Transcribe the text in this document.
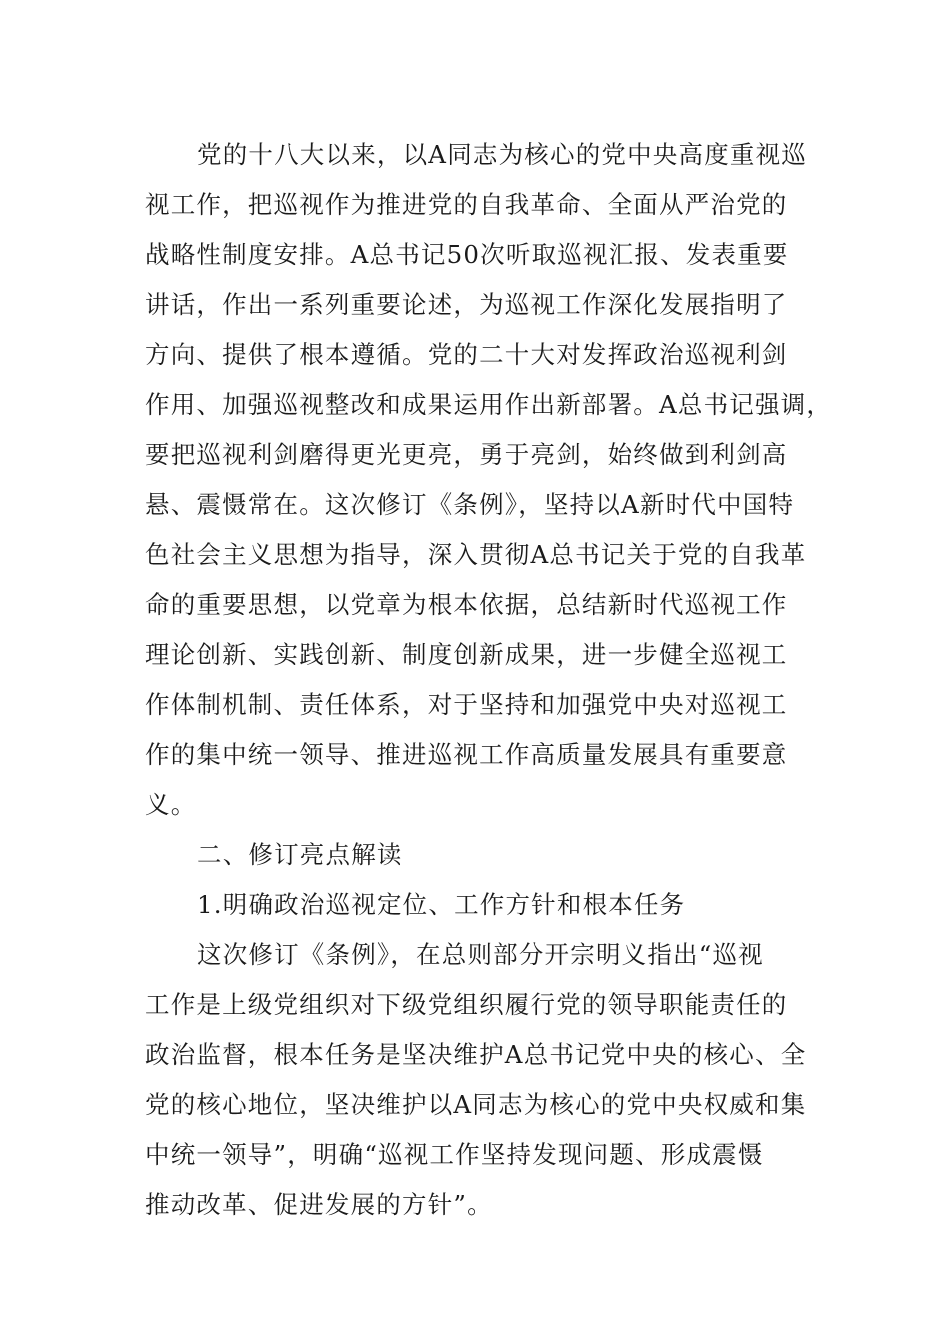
党的十八大以来，以A同志为核心的党中央高度重视巡
视工作，把巡视作为推进党的自我革命、全面从严治党的
战略性制度安排。A总书记50次听取巡视汇报、发表重要
讲话，作出一系列重要论述，为巡视工作深化发展指明了
方向、提供了根本遵循。党的二十大对发挥政治巡视利剑
作用、加强巡视整改和成果运用作出新部署。A总书记强调，
要把巡视利剑磨得更光更亮，勇于亮剑，始终做到利剑高
悬、震慑常在。这次修订《条例》，坚持以A新时代中国特
色社会主义思想为指导，深入贯彻A总书记关于党的自我革
命的重要思想，以党章为根本依据，总结新时代巡视工作
理论创新、实践创新、制度创新成果，进一步健全巡视工
作体制机制、责任体系，对于坚持和加强党中央对巡视工
作的集中统一领导、推进巡视工作高质量发展具有重要意
义。
二、修订亮点解读
1.明确政治巡视定位、工作方针和根本任务
这次修订《条例》，在总则部分开宗明义指出“巡视
工作是上级党组织对下级党组织履行党的领导职能责任的
政治监督，根本任务是坚决维护A总书记党中央的核心、全
党的核心地位，坚决维护以A同志为核心的党中央权威和集
中统一领导”，明确“巡视工作坚持发现问题、形成震慑
推动改革、促进发展的方针”。
